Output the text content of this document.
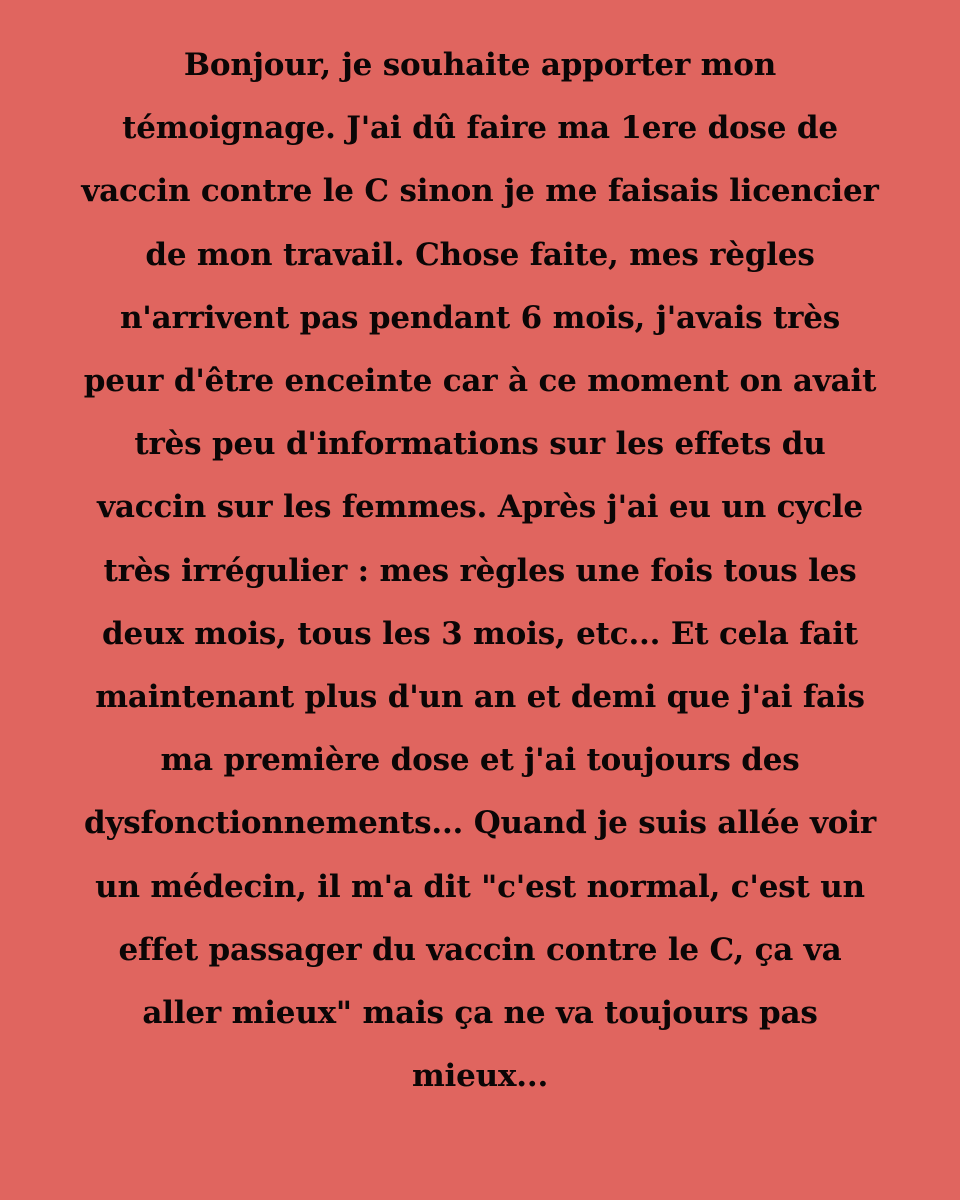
Bonjour, je souhaite apporter mon
témoignage. J'ai dû faire ma 1ere dose de
vaccin contre le C sinon je me faisais licencier
de mon travail. Chose faite, mes règles
n'arrivent pas pendant 6 mois, j'avais très
peur d'être enceinte car à ce moment on avait
très peu d'informations sur les effets du
vaccin sur les femmes. Après j'ai eu un cycle
très irrégulier : mes règles une fois tous les
deux mois, tous les 3 mois, etc... Et cela fait
maintenant plus d'un an et demi que j'ai fais
ma première dose et j'ai toujours des
dysfonctionnements... Quand je suis allée voir
un médecin, il m'a dit "c'est normal, c'est un
effet passager du vaccin contre le C, ça va
aller mieux" mais ça ne va toujours pas
mieux...
